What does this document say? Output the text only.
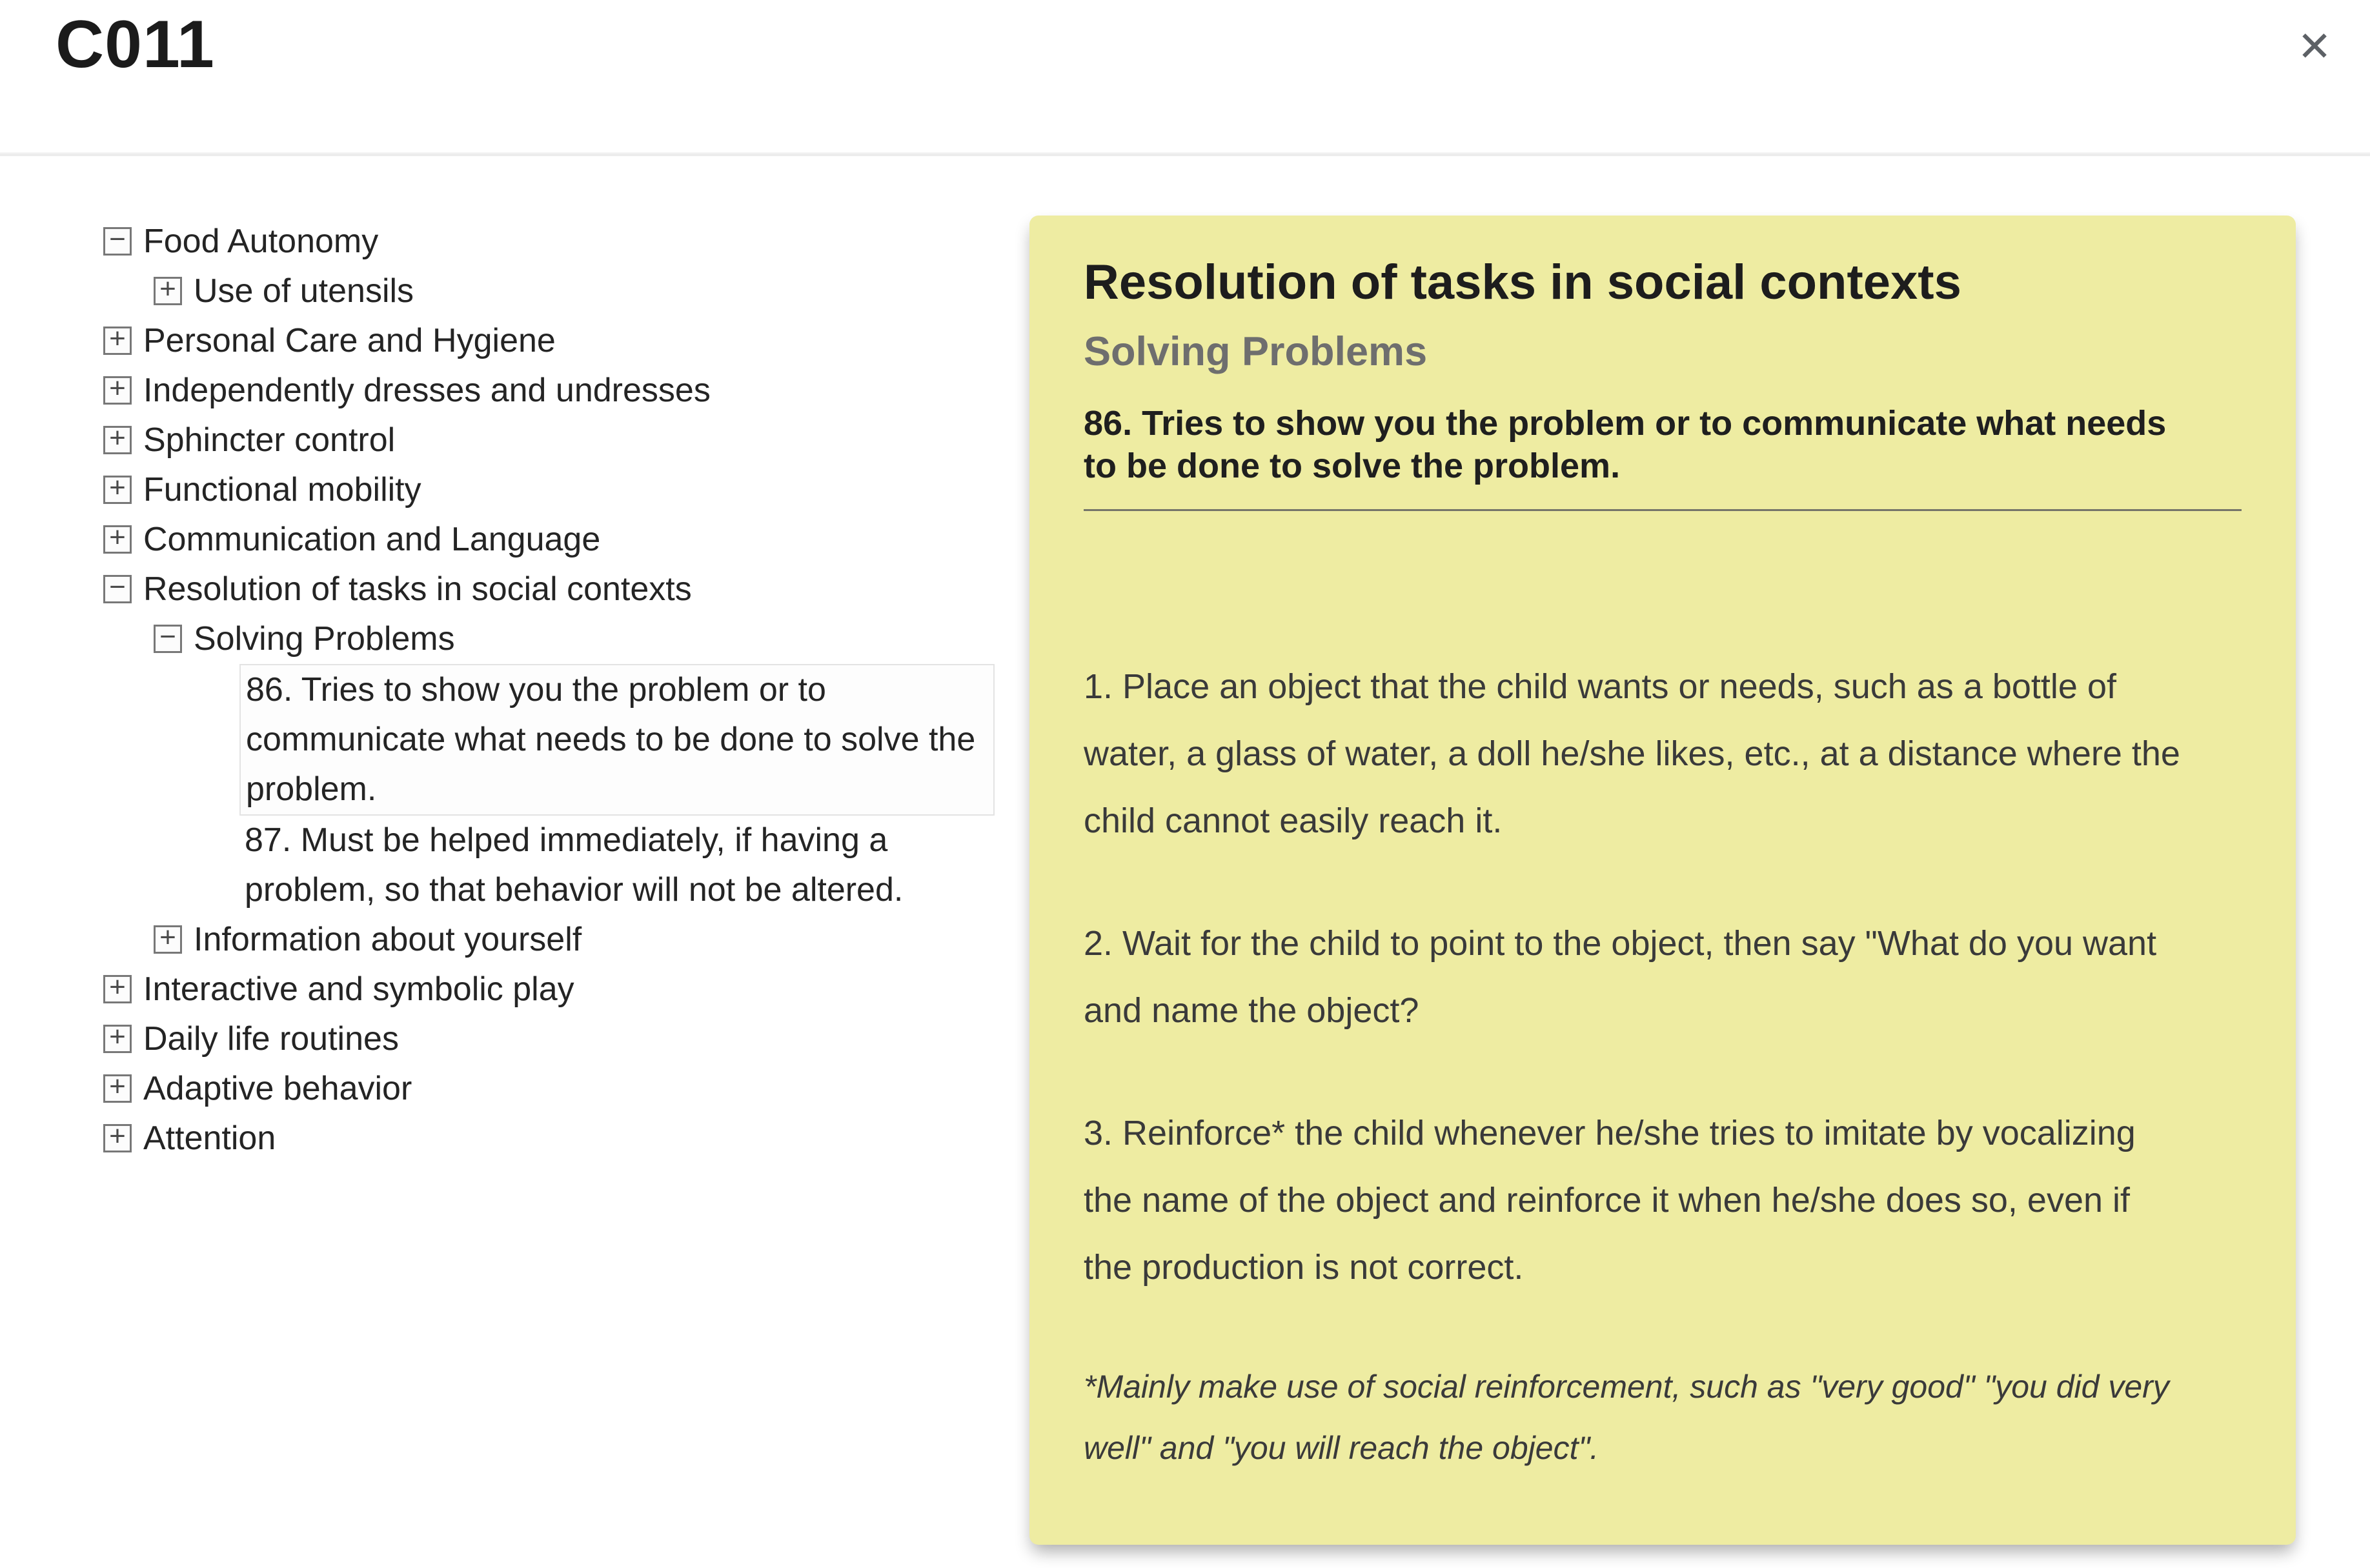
C011	✕
− Food Autonomy
+ Use of utensils
+ Personal Care and Hygiene
+ Independently dresses and undresses
+ Sphincter control
+ Functional mobility
+ Communication and Language
− Resolution of tasks in social contexts
− Solving Problems
86. Tries to show you the problem or to communicate what needs to be done to solve the problem.
87. Must be helped immediately, if having a problem, so that behavior will not be altered.
+ Information about yourself
+ Interactive and symbolic play
+ Daily life routines
+ Adaptive behavior
+ Attention
Resolution of tasks in social contexts
Solving Problems
86. Tries to show you the problem or to communicate what needs to be done to solve the problem.

1. Place an object that the child wants or needs, such as a bottle of water, a glass of water, a doll he/she likes, etc., at a distance where the child cannot easily reach it.

2. Wait for the child to point to the object, then say "What do you want and name the object?

3. Reinforce* the child whenever he/she tries to imitate by vocalizing the name of the object and reinforce it when he/she does so, even if the production is not correct.

*Mainly make use of social reinforcement, such as "very good" "you did very well" and "you will reach the object".
